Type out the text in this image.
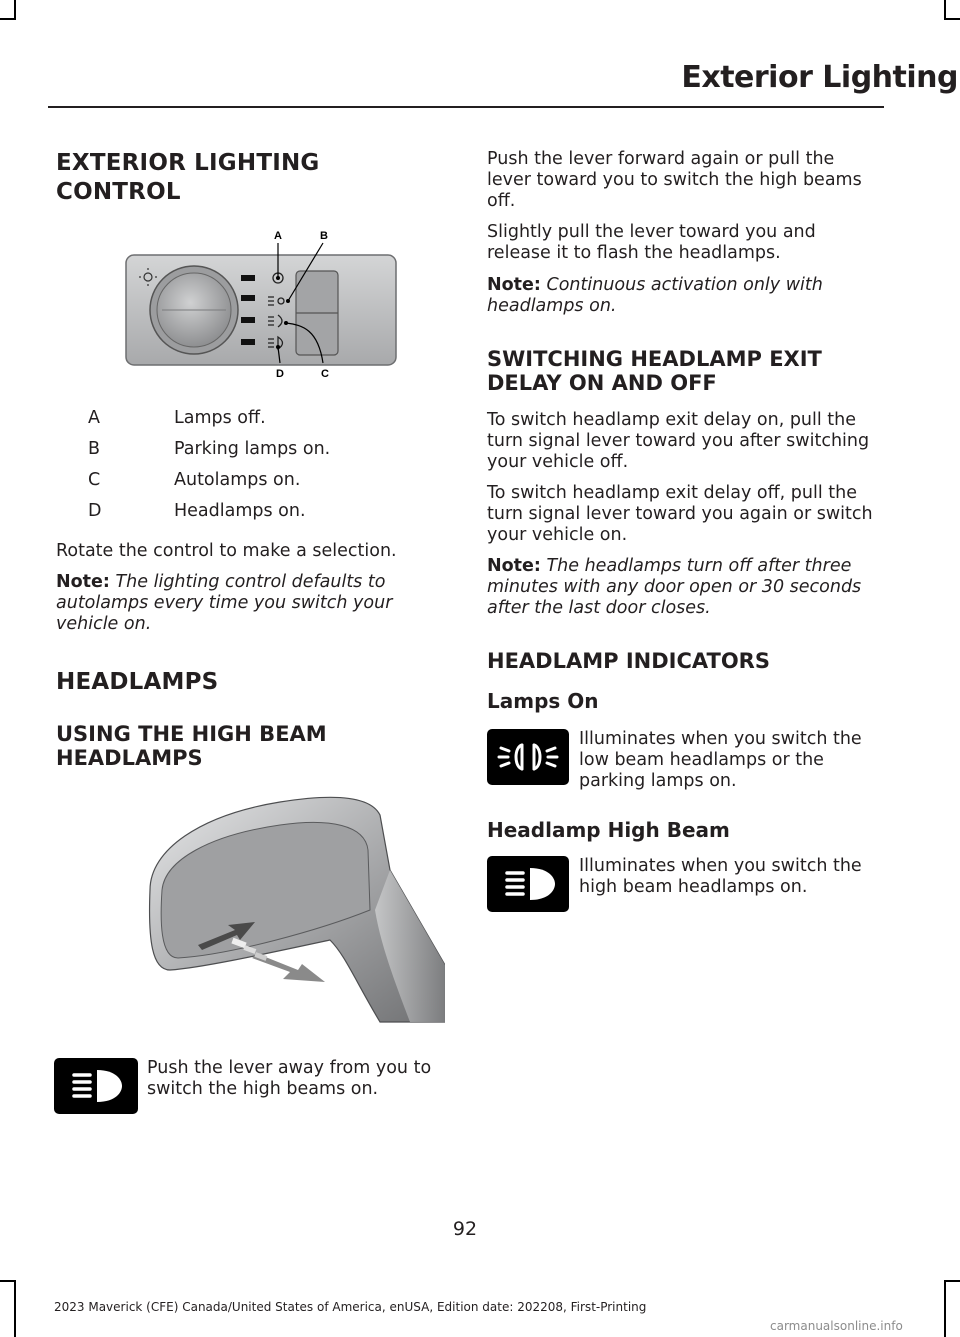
Exterior Lighting
EXTERIOR LIGHTING
CONTROL
A	B
C
D
A	Lamps off.
B	Parking lamps on.
C	Autolamps on.
D	Headlamps on.

Rotate the control to make a selection.

Note: The lighting control defaults to autolamps every time you switch your vehicle on.

HEADLAMPS
USING THE HIGH BEAM HEADLAMPS

Push the lever away from you to switch the high beams on.

Push the lever forward again or pull the lever toward you to switch the high beams off.

Slightly pull the lever toward you and release it to flash the headlamps.

Note: Continuous activation only with headlamps on.

SWITCHING HEADLAMP EXIT DELAY ON AND OFF

To switch headlamp exit delay on, pull the turn signal lever toward you after switching your vehicle off.

To switch headlamp exit delay off, pull the turn signal lever toward you again or switch your vehicle on.

Note: The headlamps turn off after three minutes with any door open or 30 seconds after the last door closes.

HEADLAMP INDICATORS
Lamps On

Illuminates when you switch the low beam headlamps or the parking lamps on.

Headlamp High Beam

Illuminates when you switch the high beam headlamps on.

92
2023 Maverick (CFE) Canada/United States of America, enUSA, Edition date: 202208, First-Printing
carmanualsonline.info
